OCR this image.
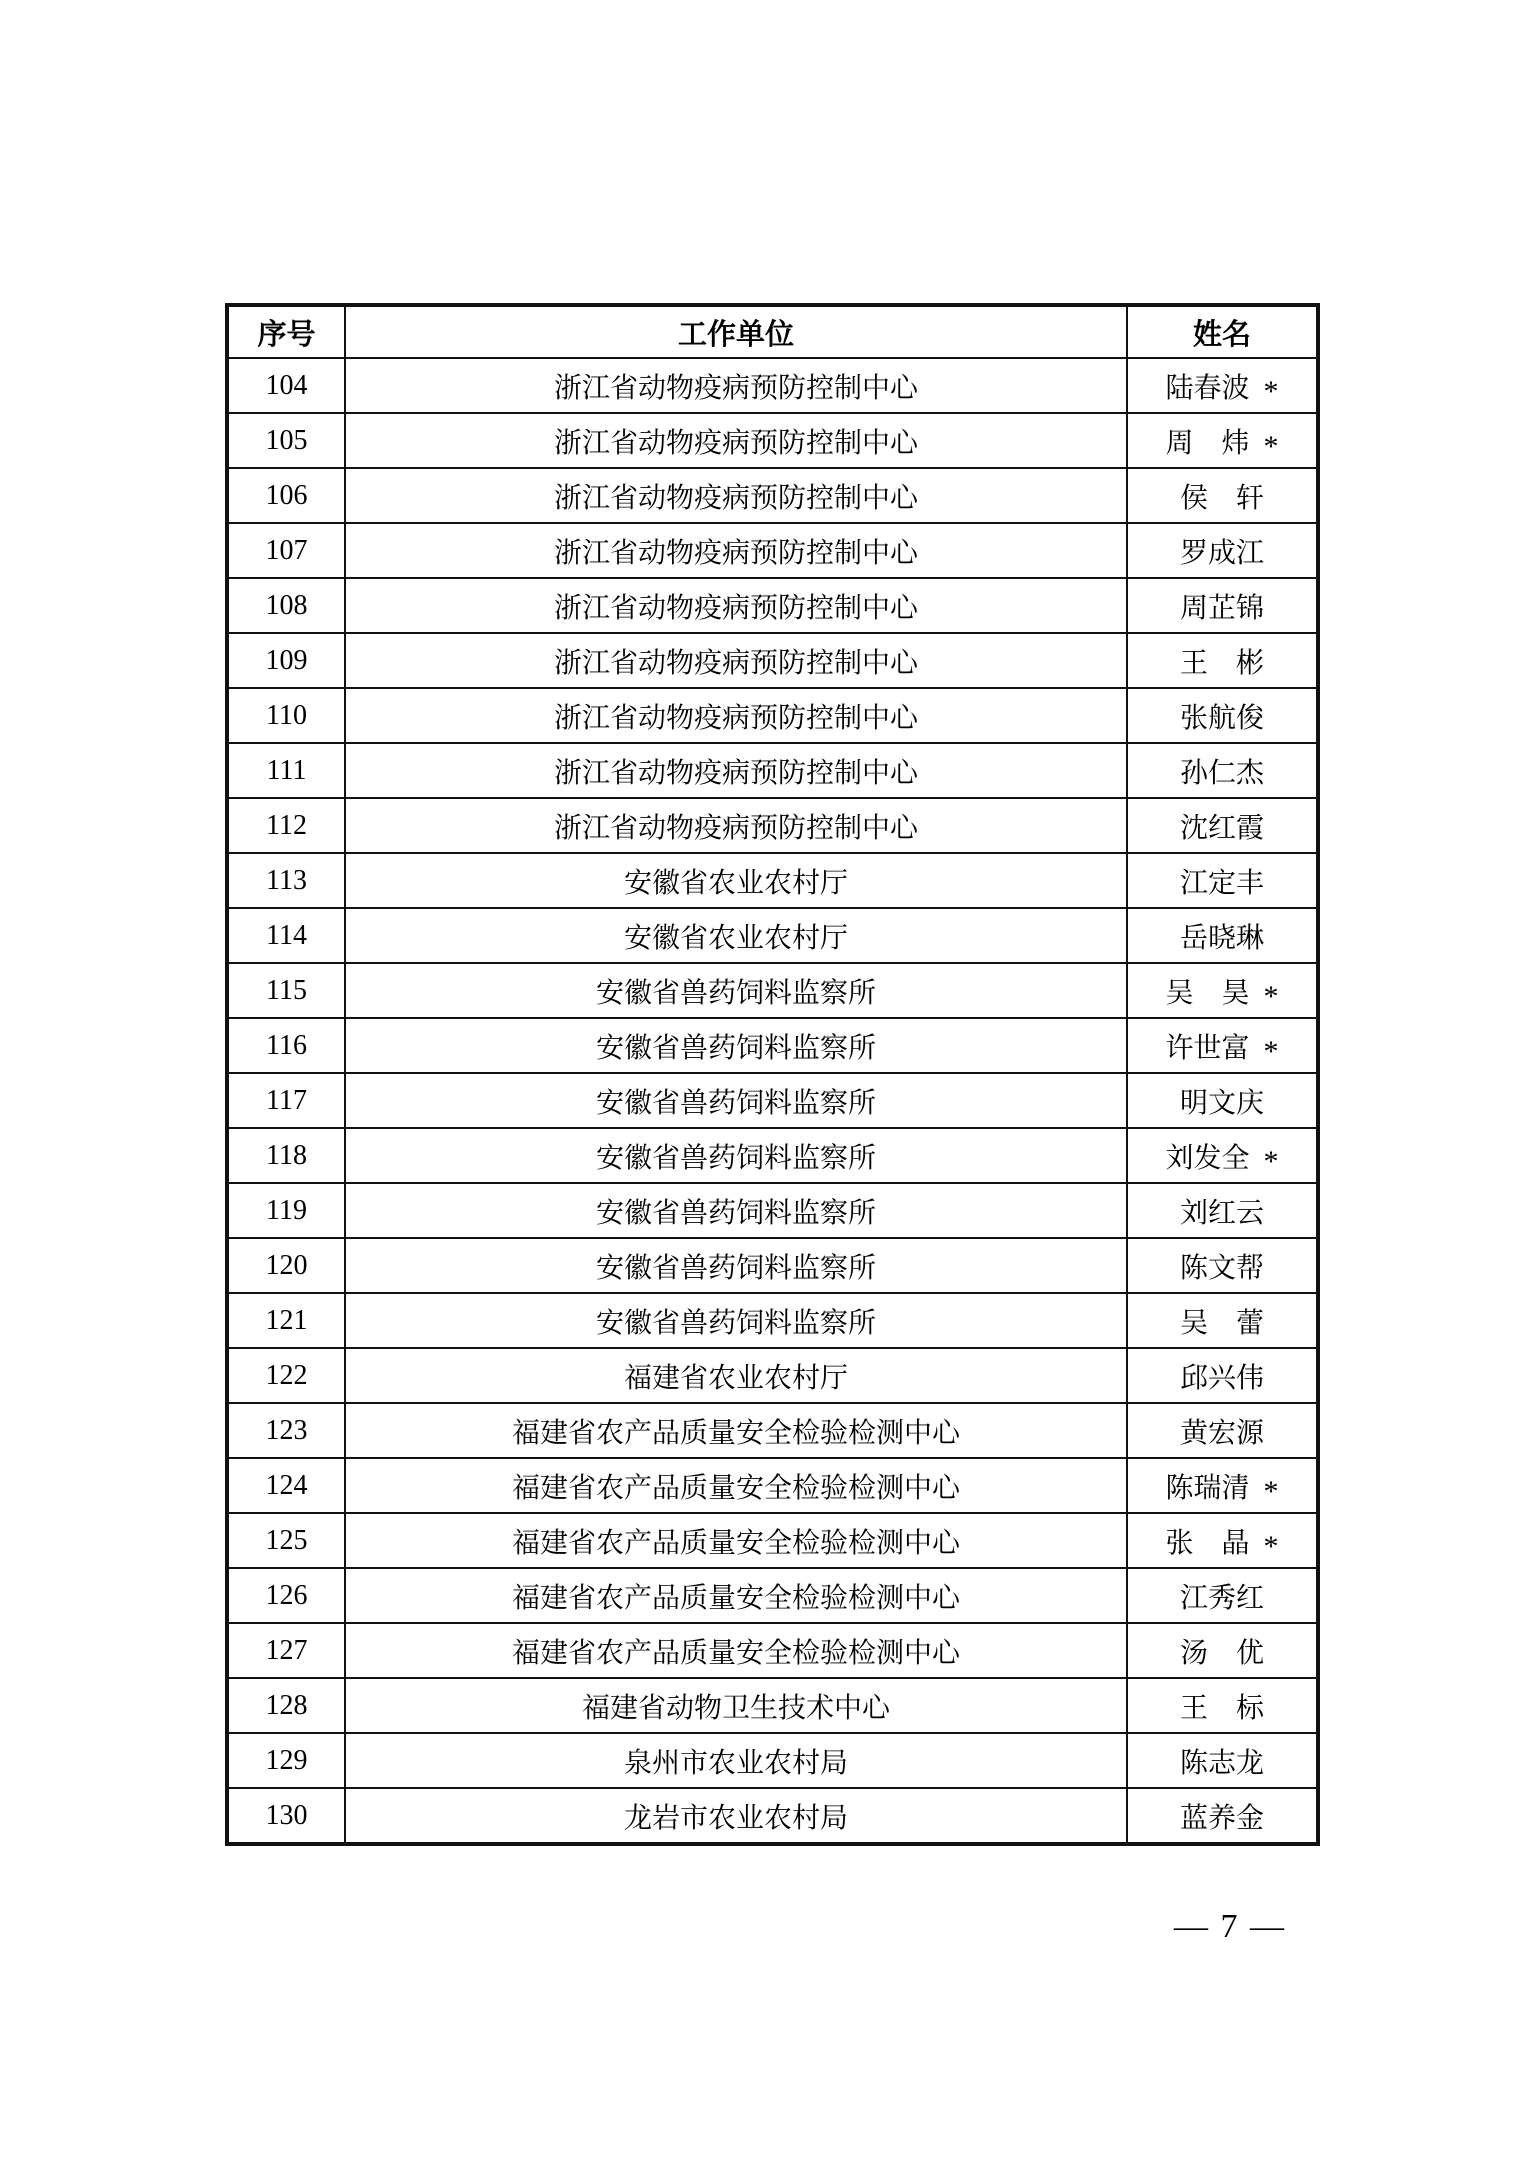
序号	工作单位	姓名
104	浙江省动物疫病预防控制中心	陆春波 *
105	浙江省动物疫病预防控制中心	周　炜 *
106	浙江省动物疫病预防控制中心	侯　轩
107	浙江省动物疫病预防控制中心	罗成江
108	浙江省动物疫病预防控制中心	周芷锦
109	浙江省动物疫病预防控制中心	王　彬
110	浙江省动物疫病预防控制中心	张航俊
111	浙江省动物疫病预防控制中心	孙仁杰
112	浙江省动物疫病预防控制中心	沈红霞
113	安徽省农业农村厅	江定丰
114	安徽省农业农村厅	岳晓琳
115	安徽省兽药饲料监察所	吴　昊 *
116	安徽省兽药饲料监察所	许世富 *
117	安徽省兽药饲料监察所	明文庆
118	安徽省兽药饲料监察所	刘发全 *
119	安徽省兽药饲料监察所	刘红云
120	安徽省兽药饲料监察所	陈文帮
121	安徽省兽药饲料监察所	吴　蕾
122	福建省农业农村厅	邱兴伟
123	福建省农产品质量安全检验检测中心	黄宏源
124	福建省农产品质量安全检验检测中心	陈瑞清 *
125	福建省农产品质量安全检验检测中心	张　晶 *
126	福建省农产品质量安全检验检测中心	江秀红
127	福建省农产品质量安全检验检测中心	汤　优
128	福建省动物卫生技术中心	王　标
129	泉州市农业农村局	陈志龙
130	龙岩市农业农村局	蓝养金
— 7 —
